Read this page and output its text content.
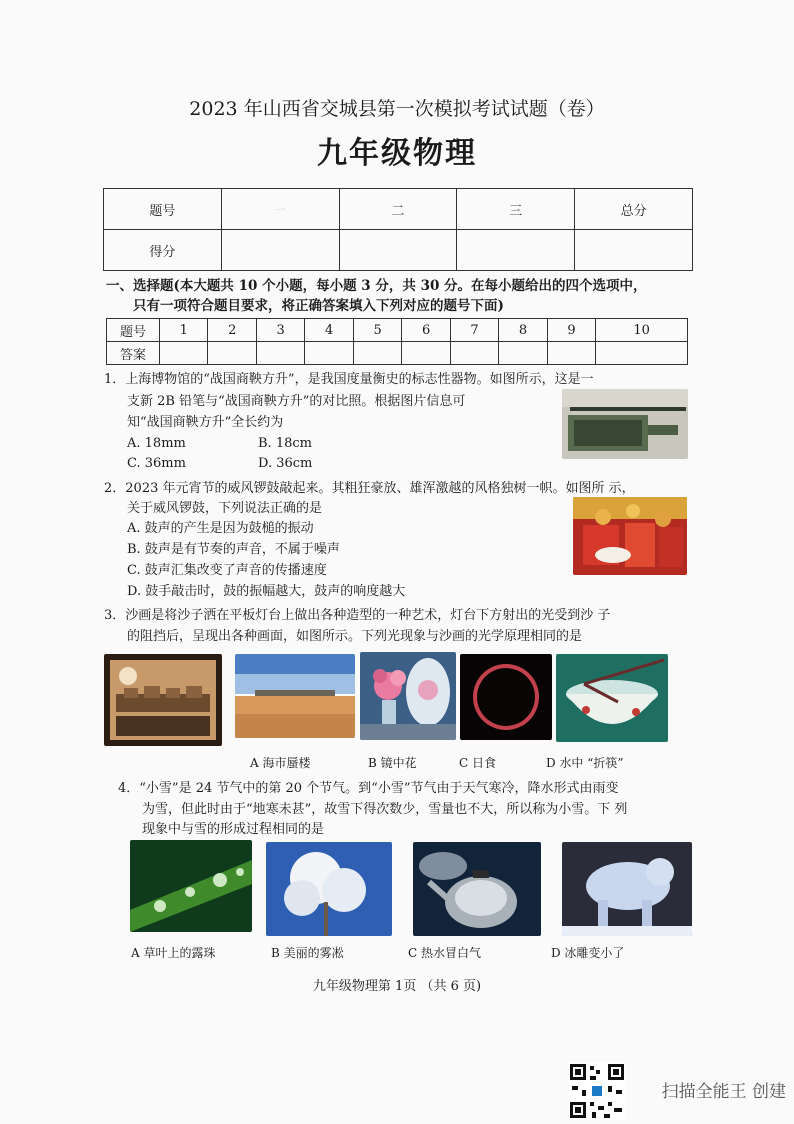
2023 年山西省交城县第一次模拟考试试题（卷）
九年级物理
题号	一	二	三	总分
得分				
一、选择题(本大题共 10 个小题，每小题 3 分，共 30 分。在每小题给出的四个选项中，
只有一项符合题目要求，将正确答案填入下列对应的题号下面)
题号	1	2	3	4	5	6	7	8	9	10
答案										
1．上海博物馆的“战国商鞅方升”，是我国度量衡史的标志性器物。如图所示，这是一
支新 2B 铅笔与“战国商鞅方升”的对比照。根据图片信息可
知“战国商鞅方升”全长约为
A. 18mm	B. 18cm
C. 36mm	D. 36cm
2．2023 年元宵节的威风锣鼓敲起来。其粗狂豪放、雄浑激越的风格独树一帜。如图所 示，
关于威风锣鼓，下列说法正确的是
A. 鼓声的产生是因为鼓槌的振动
B. 鼓声是有节奏的声音，不属于噪声
C. 鼓声汇集改变了声音的传播速度
D. 鼓手敲击时，鼓的振幅越大，鼓声的响度越大
3．沙画是将沙子洒在平板灯台上做出各种造型的一种艺术，灯台下方射出的光受到沙 子
的阻挡后，呈现出各种画面，如图所示。下列光现象与沙画的光学原理相同的是
A 海市蜃楼	B 镜中花	C 日食	D 水中 “折筷”
4．“小雪”是 24 节气中的第 20 个节气。到“小雪”节气由于天气寒冷，降水形式由雨变
为雪，但此时由于“地寒未甚”，故雪下得次数少，雪量也不大，所以称为小雪。下 列
现象中与雪的形成过程相同的是
A 草叶上的露珠	B 美丽的雾凇	C 热水冒白气	D 冰雕变小了
九年级物理第 1页 （共 6 页)
扫描全能王 创建
